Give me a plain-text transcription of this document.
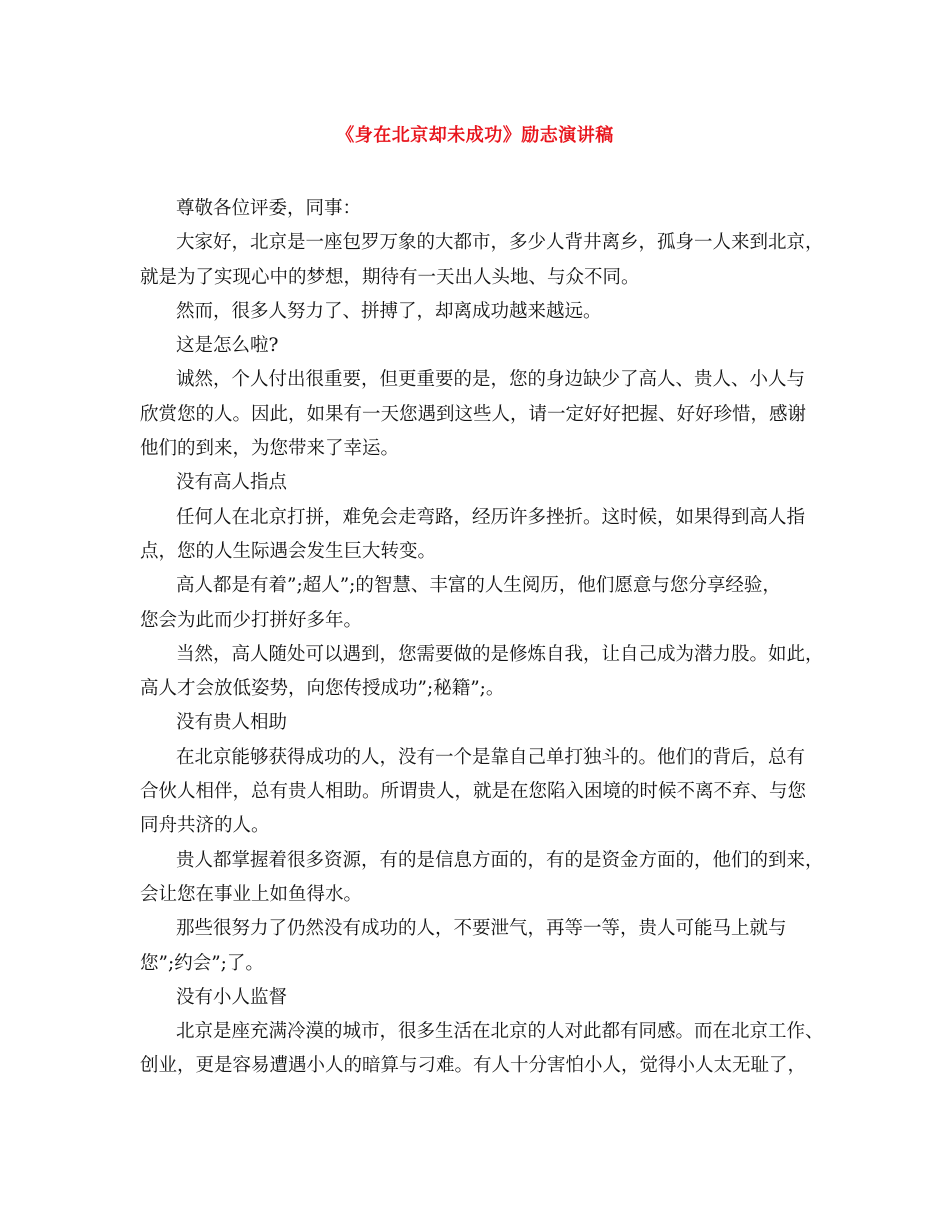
《身在北京却未成功》励志演讲稿
尊敬各位评委，同事：
大家好，北京是一座包罗万象的大都市，多少人背井离乡，孤身一人来到北京，
就是为了实现心中的梦想，期待有一天出人头地、与众不同。
然而，很多人努力了、拼搏了，却离成功越来越远。
这是怎么啦?
诚然，个人付出很重要，但更重要的是，您的身边缺少了高人、贵人、小人与
欣赏您的人。因此，如果有一天您遇到这些人，请一定好好把握、好好珍惜，感谢
他们的到来，为您带来了幸运。
没有高人指点
任何人在北京打拼，难免会走弯路，经历许多挫折。这时候，如果得到高人指
点，您的人生际遇会发生巨大转变。
高人都是有着”;超人”;的智慧、丰富的人生阅历，他们愿意与您分享经验，
您会为此而少打拼好多年。
当然，高人随处可以遇到，您需要做的是修炼自我，让自己成为潜力股。如此，
高人才会放低姿势，向您传授成功”;秘籍”;。
没有贵人相助
在北京能够获得成功的人，没有一个是靠自己单打独斗的。他们的背后，总有
合伙人相伴，总有贵人相助。所谓贵人，就是在您陷入困境的时候不离不弃、与您
同舟共济的人。
贵人都掌握着很多资源，有的是信息方面的，有的是资金方面的，他们的到来，
会让您在事业上如鱼得水。
那些很努力了仍然没有成功的人，不要泄气，再等一等，贵人可能马上就与
您”;约会”;了。
没有小人监督
北京是座充满冷漠的城市，很多生活在北京的人对此都有同感。而在北京工作、
创业，更是容易遭遇小人的暗算与刁难。有人十分害怕小人，觉得小人太无耻了，
